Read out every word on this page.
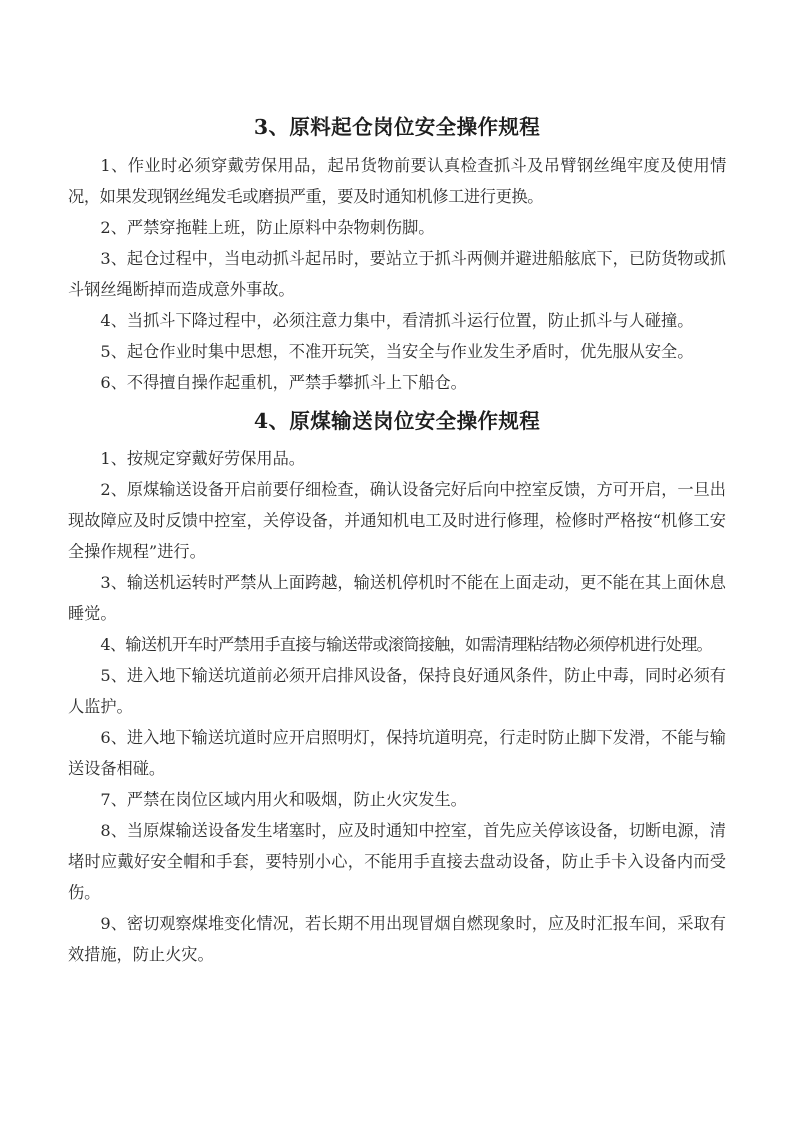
3、原料起仓岗位安全操作规程

1、作业时必须穿戴劳保用品，起吊货物前要认真检查抓斗及吊臂钢丝绳牢度及使用情况，如果发现钢丝绳发毛或磨损严重，要及时通知机修工进行更换。

2、严禁穿拖鞋上班，防止原料中杂物刺伤脚。

3、起仓过程中，当电动抓斗起吊时，要站立于抓斗两侧并避进船舷底下，已防货物或抓斗钢丝绳断掉而造成意外事故。

4、当抓斗下降过程中，必须注意力集中，看清抓斗运行位置，防止抓斗与人碰撞。

5、起仓作业时集中思想，不准开玩笑，当安全与作业发生矛盾时，优先服从安全。

6、不得擅自操作起重机，严禁手攀抓斗上下船仓。

4、原煤输送岗位安全操作规程

1、按规定穿戴好劳保用品。

2、原煤输送设备开启前要仔细检查，确认设备完好后向中控室反馈，方可开启，一旦出现故障应及时反馈中控室，关停设备，并通知机电工及时进行修理，检修时严格按“机修工安全操作规程”进行。

3、输送机运转时严禁从上面跨越，输送机停机时不能在上面走动，更不能在其上面休息睡觉。

4、输送机开车时严禁用手直接与输送带或滚筒接触，如需清理粘结物必须停机进行处理。

5、进入地下输送坑道前必须开启排风设备，保持良好通风条件，防止中毒，同时必须有人监护。

6、进入地下输送坑道时应开启照明灯，保持坑道明亮，行走时防止脚下发滑，不能与输送设备相碰。

7、严禁在岗位区域内用火和吸烟，防止火灾发生。

8、当原煤输送设备发生堵塞时，应及时通知中控室，首先应关停该设备，切断电源，清堵时应戴好安全帽和手套，要特别小心，不能用手直接去盘动设备，防止手卡入设备内而受伤。

9、密切观察煤堆变化情况，若长期不用出现冒烟自燃现象时，应及时汇报车间，采取有效措施，防止火灾。
